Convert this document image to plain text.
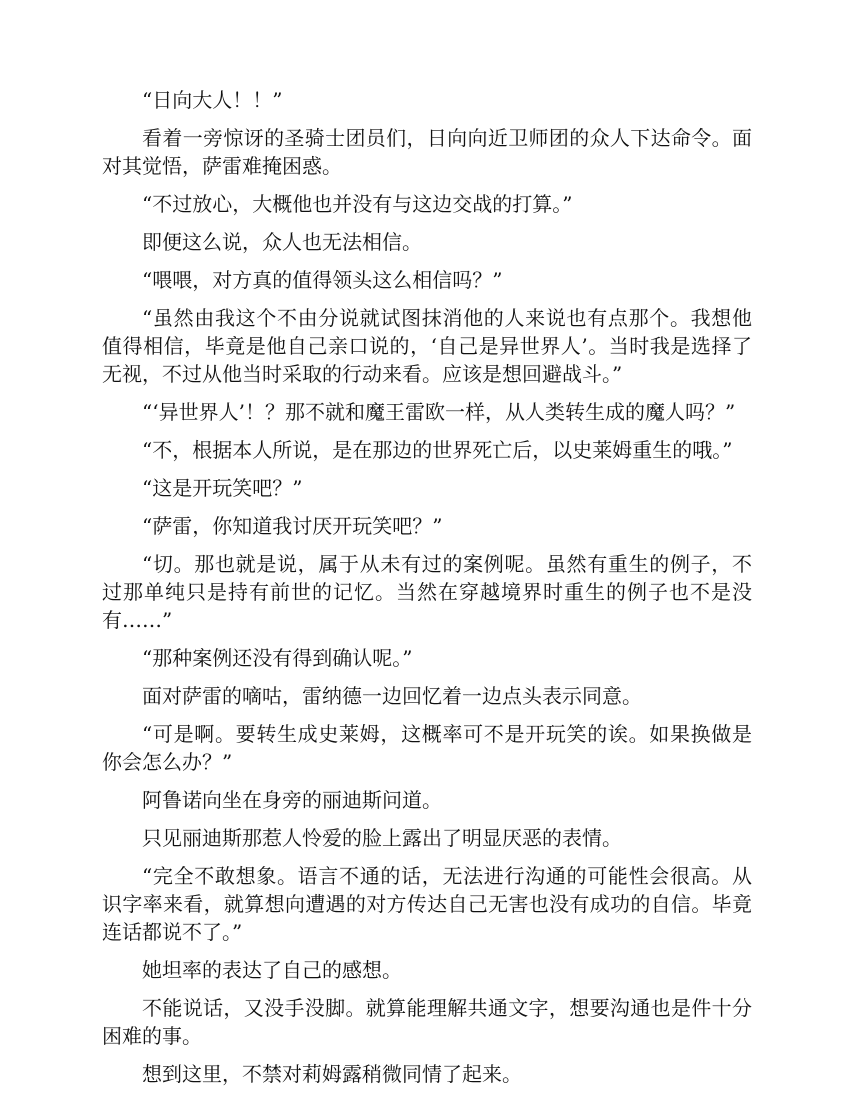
“日向大人！！”

看着一旁惊讶的圣骑士团员们，日向向近卫师团的众人下达命令。面对其觉悟，萨雷难掩困惑。

“不过放心，大概他也并没有与这边交战的打算。”

即便这么说，众人也无法相信。

“喂喂，对方真的值得领头这么相信吗？”

“虽然由我这个不由分说就试图抹消他的人来说也有点那个。我想他值得相信，毕竟是他自己亲口说的，‘自己是异世界人’。当时我是选择了无视，不过从他当时采取的行动来看。应该是想回避战斗。”

“‘异世界人’！？那不就和魔王雷欧一样，从人类转生成的魔人吗？”

“不，根据本人所说，是在那边的世界死亡后，以史莱姆重生的哦。”

“这是开玩笑吧？”

“萨雷，你知道我讨厌开玩笑吧？”

“切。那也就是说，属于从未有过的案例呢。虽然有重生的例子，不过那单纯只是持有前世的记忆。当然在穿越境界时重生的例子也不是没有……”

“那种案例还没有得到确认呢。”

面对萨雷的嘀咕，雷纳德一边回忆着一边点头表示同意。

“可是啊。要转生成史莱姆，这概率可不是开玩笑的诶。如果换做是你会怎么办？”

阿鲁诺向坐在身旁的丽迪斯问道。

只见丽迪斯那惹人怜爱的脸上露出了明显厌恶的表情。

“完全不敢想象。语言不通的话，无法进行沟通的可能性会很高。从识字率来看，就算想向遭遇的对方传达自己无害也没有成功的自信。毕竟连话都说不了。”

她坦率的表达了自己的感想。

不能说话，又没手没脚。就算能理解共通文字，想要沟通也是件十分困难的事。

想到这里，不禁对莉姆露稍微同情了起来。
